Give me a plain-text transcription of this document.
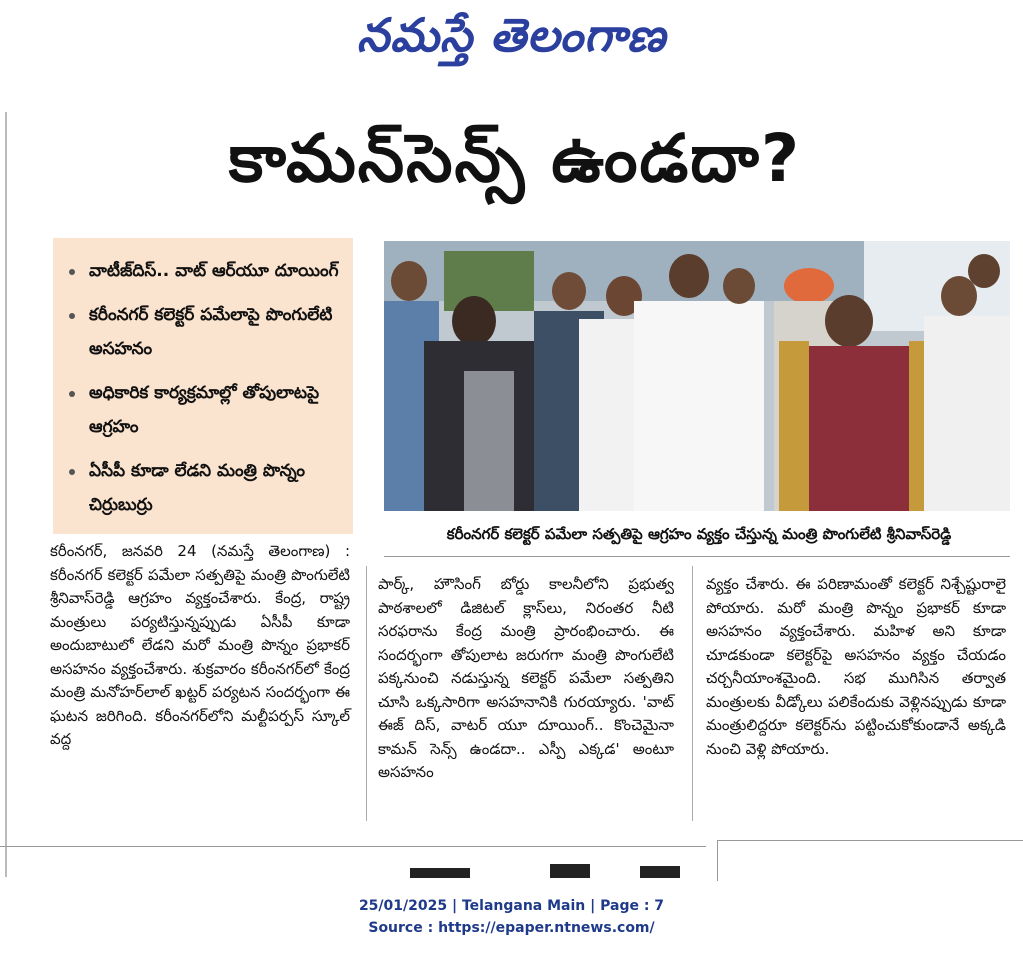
నమస్తే తెలంగాణ
కామన్‌సెన్స్ ఉండదా?
వాటీజ్‌దిస్.. వాట్ ఆర్‌యూ దూయింగ్
కరీంనగర్ కలెక్టర్ పమేలాపై పొంగులేటి అసహనం
అధికారిక కార్యక్రమాల్లో తోపులాటపై ఆగ్రహం
ఏసీపీ కూడా లేడని మంత్రి పొన్నం చిర్రుబుర్రు
కరీంనగర్ కలెక్టర్ పమేలా సత్పతిపై ఆగ్రహం వ్యక్తం చేస్తున్న మంత్రి పొంగులేటి శ్రీనివాస్‌రెడ్డి

కరీంనగర్, జనవరి 24 (నమస్తే తెలంగాణ) : కరీంనగర్ కలెక్టర్ పమేలా సత్పతిపై మంత్రి పొంగులేటి శ్రీనివాస్‌రెడ్డి ఆగ్రహం వ్యక్తంచేశారు. కేంద్ర, రాష్ట్ర మంత్రులు పర్యటిస్తున్నప్పుడు ఏసీపీ కూడా అందుబాటులో లేడని మరో మంత్రి పొన్నం ప్రభాకర్ అసహనం వ్యక్తంచేశారు. శుక్రవారం కరీంనగర్‌లో కేంద్ర మంత్రి మనోహర్‌లాల్ ఖట్టర్ పర్యటన సందర్భంగా ఈ ఘటన జరిగింది. కరీంనగర్‌లోని మల్టీపర్పస్ స్కూల్ వద్ద

పార్క్, హౌసింగ్ బోర్డు కాలనీలోని ప్రభుత్వ పాఠశాలలో డిజిటల్ క్లాస్‌లు, నిరంతర నీటి సరఫరాను కేంద్ర మంత్రి ప్రారంభించారు. ఈ సందర్భంగా తోపులాట జరుగగా మంత్రి పొంగులేటి పక్కనుంచి నడుస్తున్న కలెక్టర్ పమేలా సత్పతిని చూసి ఒక్కసారిగా అసహనానికి గురయ్యారు. 'వాట్ ఈజ్ దిస్, వాటర్ యూ దూయింగ్.. కొంచెమైనా కామన్ సెన్స్ ఉండదా.. ఎస్పీ ఎక్కడ' అంటూ అసహనం

వ్యక్తం చేశారు. ఈ పరిణామంతో కలెక్టర్ నిశ్చేష్టురాలై పోయారు. మరో మంత్రి పొన్నం ప్రభాకర్ కూడా అసహనం వ్యక్తంచేశారు. మహిళ అని కూడా చూడకుండా కలెక్టర్‌పై అసహనం వ్యక్తం చేయడం చర్చనీయాంశమైంది. సభ ముగిసిన తర్వాత మంత్రులకు వీడ్కోలు పలికేందుకు వెళ్లినప్పుడు కూడా మంత్రులిద్దరూ కలెక్టర్‌ను పట్టించుకోకుండానే అక్కడి నుంచి వెళ్లి పోయారు.

25/01/2025 | Telangana Main | Page : 7
Source : https://epaper.ntnews.com/
